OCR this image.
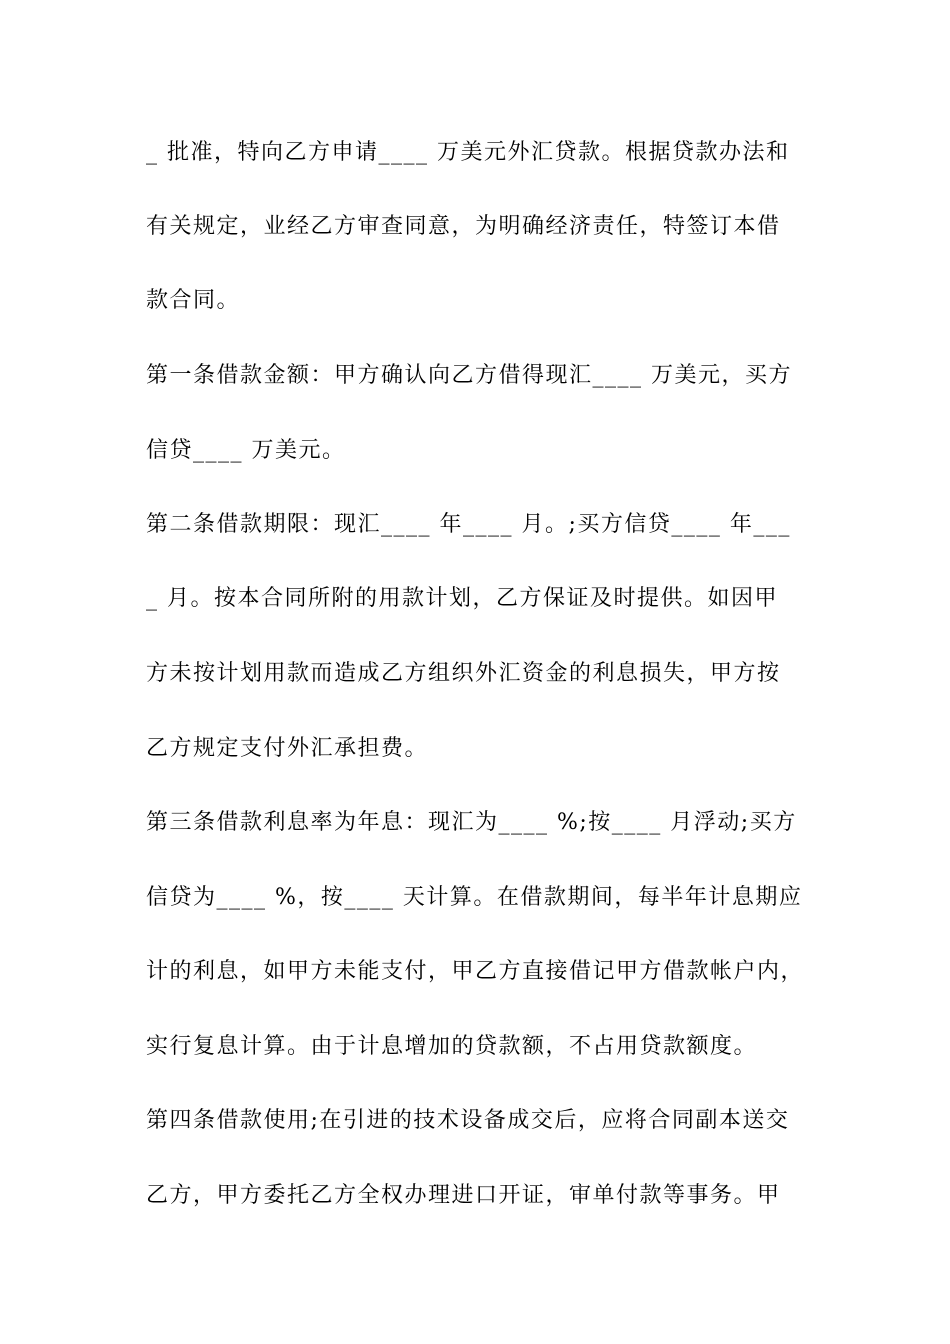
_ 批准，特向乙方申请____ 万美元外汇贷款。根据贷款办法和
有关规定，业经乙方审查同意，为明确经济责任，特签订本借
款合同。
第一条借款金额：甲方确认向乙方借得现汇____ 万美元，买方
信贷____ 万美元。
第二条借款期限：现汇____ 年____ 月。;买方信贷____ 年___
_ 月。按本合同所附的用款计划，乙方保证及时提供。如因甲
方未按计划用款而造成乙方组织外汇资金的利息损失，甲方按
乙方规定支付外汇承担费。
第三条借款利息率为年息：现汇为____ %;按____ 月浮动;买方
信贷为____ %，按____ 天计算。在借款期间，每半年计息期应
计的利息，如甲方未能支付，甲乙方直接借记甲方借款帐户内，
实行复息计算。由于计息增加的贷款额，不占用贷款额度。
第四条借款使用;在引进的技术设备成交后，应将合同副本送交
乙方，甲方委托乙方全权办理进口开证，审单付款等事务。甲
